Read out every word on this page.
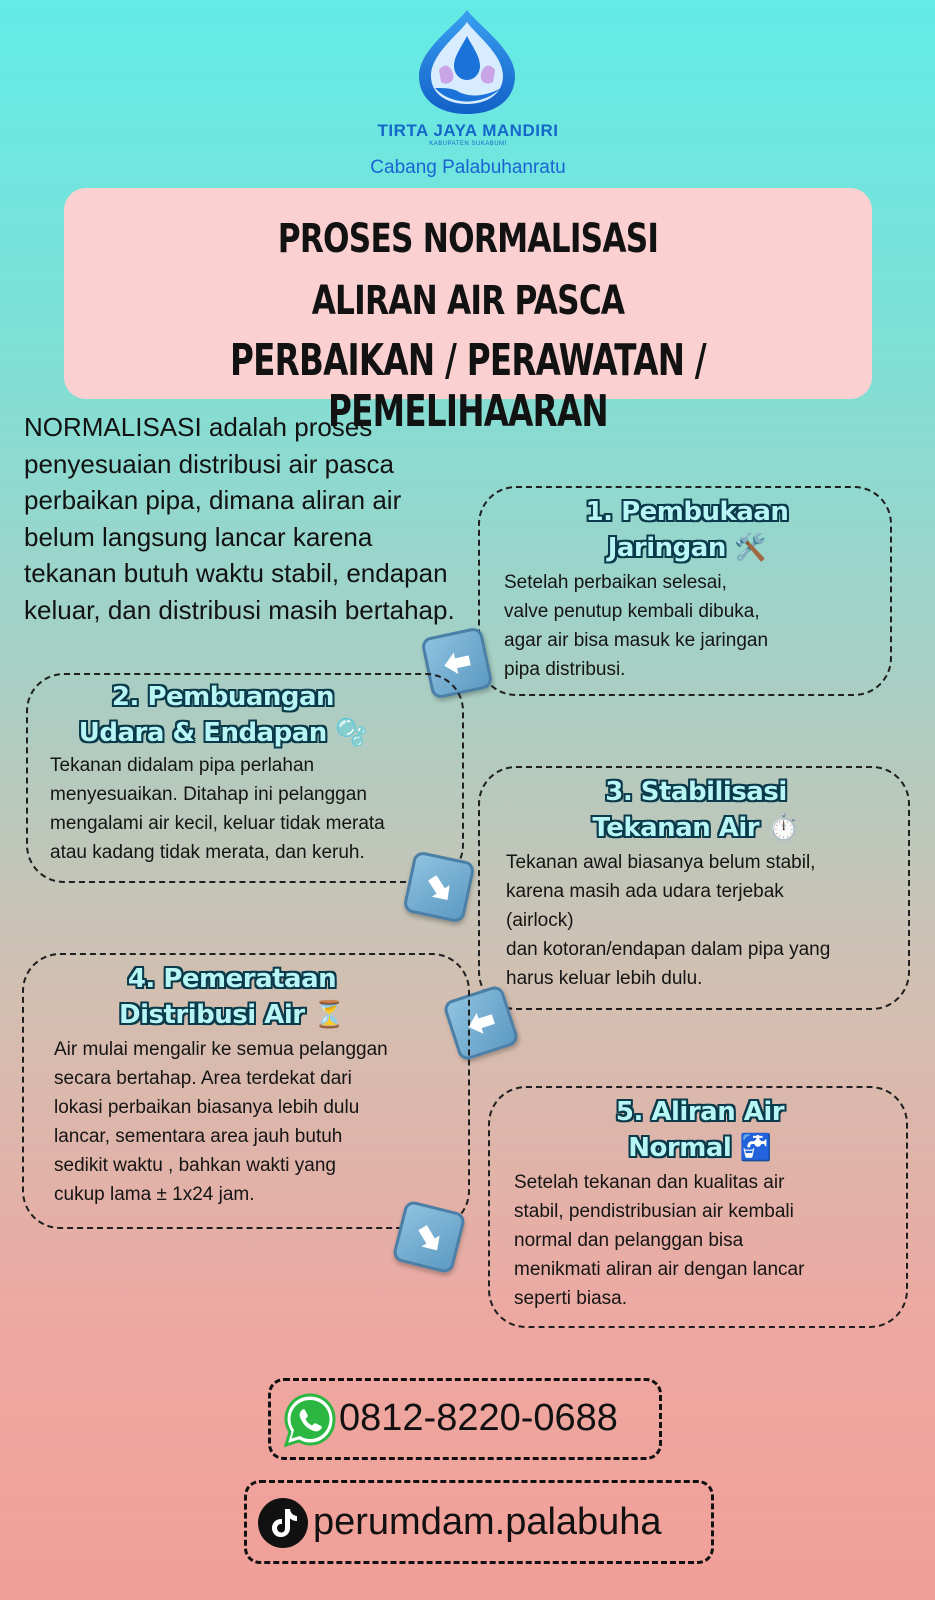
TIRTA JAYA MANDIRI
KABUPATEN SUKABUMI
Cabang Palabuhanratu
PROSES NORMALISASI
ALIRAN AIR PASCA
PERBAIKAN / PERAWATAN / PEMELIHAARAN
NORMALISASI adalah proses penyesuaian distribusi air pasca perbaikan pipa, dimana aliran air belum langsung lancar karena tekanan butuh waktu stabil, endapan keluar, dan distribusi masih bertahap.
1. Pembukaan
Jaringan 🛠️
Setelah perbaikan selesai,
valve penutup kembali dibuka,
agar air bisa masuk ke jaringan
pipa distribusi.
2. Pembuangan
Udara & Endapan 🫧
Tekanan didalam pipa perlahan
menyesuaikan. Ditahap ini pelanggan
mengalami air kecil, keluar tidak merata
atau kadang tidak merata, dan keruh.
3. Stabilisasi
Tekanan Air ⏱️
Tekanan awal biasanya belum stabil,
karena masih ada udara terjebak
(airlock)
dan kotoran/endapan dalam pipa yang
harus keluar lebih dulu.
4. Pemerataan
Distribusi Air ⏳
Air mulai mengalir ke semua pelanggan
secara bertahap. Area terdekat dari
lokasi perbaikan biasanya lebih dulu
lancar, sementara area jauh butuh
sedikit waktu , bahkan wakti yang
cukup lama ± 1x24 jam.
5. Aliran Air
Normal 🚰
Setelah tekanan dan kualitas air
stabil, pendistribusian air kembali
normal dan pelanggan bisa
menikmati aliran air dengan lancar
seperti biasa.
0812-8220-0688
perumdam.palabuha
